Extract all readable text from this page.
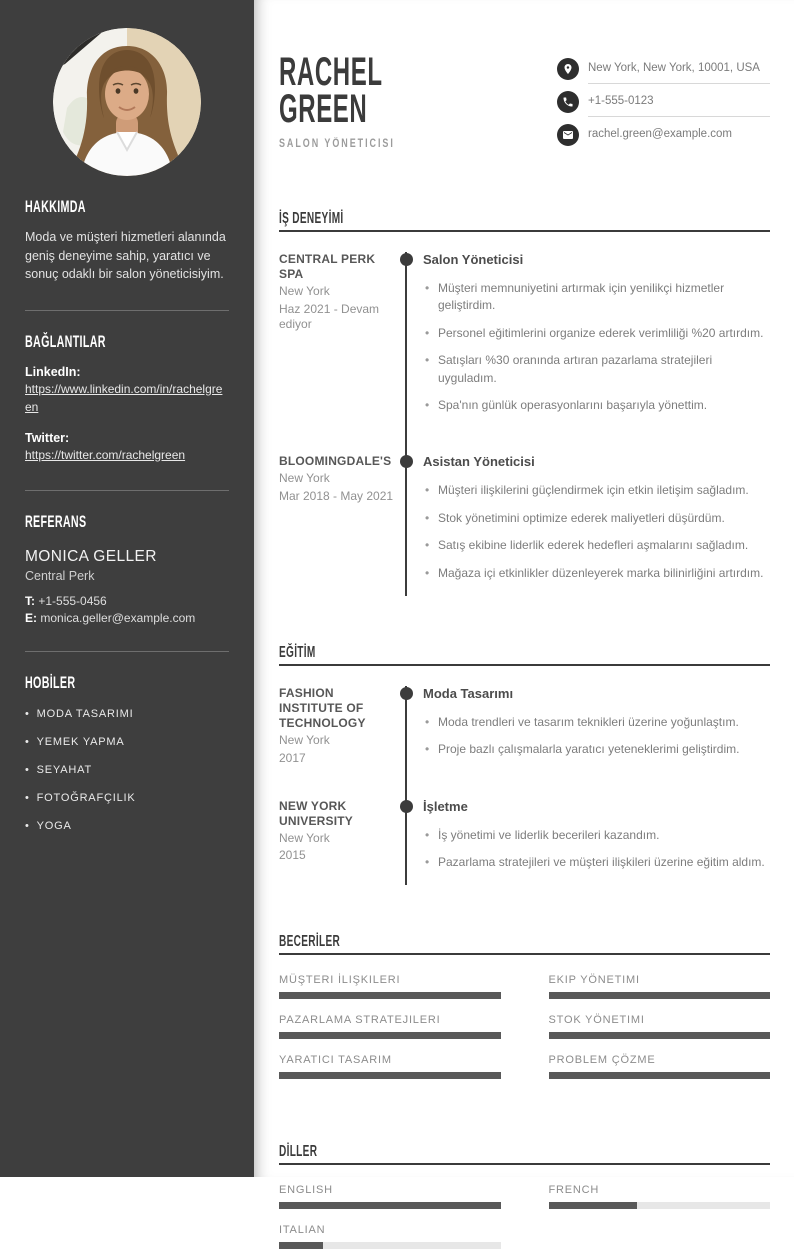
HAKKIMDA

Moda ve müşteri hizmetleri alanında geniş deneyime sahip, yaratıcı ve sonuç odaklı bir salon yöneticisiyim.

BAĞLANTILAR
LinkedIn:
https://www.linkedin.com/in/rachelgreen
Twitter:
https://twitter.com/rachelgreen
REFERANS
MONICA GELLER
Central Perk
T: +1-555-0456
E: monica.geller@example.com
HOBİLER
• MODA TASARIMI
• YEMEK YAPMA
• SEYAHAT
• FOTOĞRAFÇILIK
• YOGA
RACHEL
GREEN
SALON YÖNETICISI
New York, New York, 10001, USA
+1-555-0123
rachel.green@example.com
İŞ DENEYİMİ
CENTRAL PERK SPA
New York
Haz 2021 - Devam ediyor
Salon Yöneticisi
• Müşteri memnuniyetini artırmak için yenilikçi hizmetler geliştirdim.
• Personel eğitimlerini organize ederek verimliliği %20 artırdım.
• Satışları %30 oranında artıran pazarlama stratejileri uyguladım.
• Spa'nın günlük operasyonlarını başarıyla yönettim.
BLOOMINGDALE'S
New York
Mar 2018 - May 2021
Asistan Yöneticisi
• Müşteri ilişkilerini güçlendirmek için etkin iletişim sağladım.
• Stok yönetimini optimize ederek maliyetleri düşürdüm.
• Satış ekibine liderlik ederek hedefleri aşmalarını sağladım.
• Mağaza içi etkinlikler düzenleyerek marka bilinirliğini artırdım.
EĞİTİM
FASHION INSTITUTE OF TECHNOLOGY
New York
2017
Moda Tasarımı
• Moda trendleri ve tasarım teknikleri üzerine yoğunlaştım.
• Proje bazlı çalışmalarla yaratıcı yeteneklerimi geliştirdim.
NEW YORK UNIVERSITY
New York
2015
İşletme
• İş yönetimi ve liderlik becerileri kazandım.
• Pazarlama stratejileri ve müşteri ilişkileri üzerine eğitim aldım.
BECERİLER
MÜŞTERI İLIŞKILERI	EKIP YÖNETIMI
PAZARLAMA STRATEJILERI	STOK YÖNETIMI
YARATICI TASARIM	PROBLEM ÇÖZME
DİLLER
ENGLISH	FRENCH
ITALIAN
